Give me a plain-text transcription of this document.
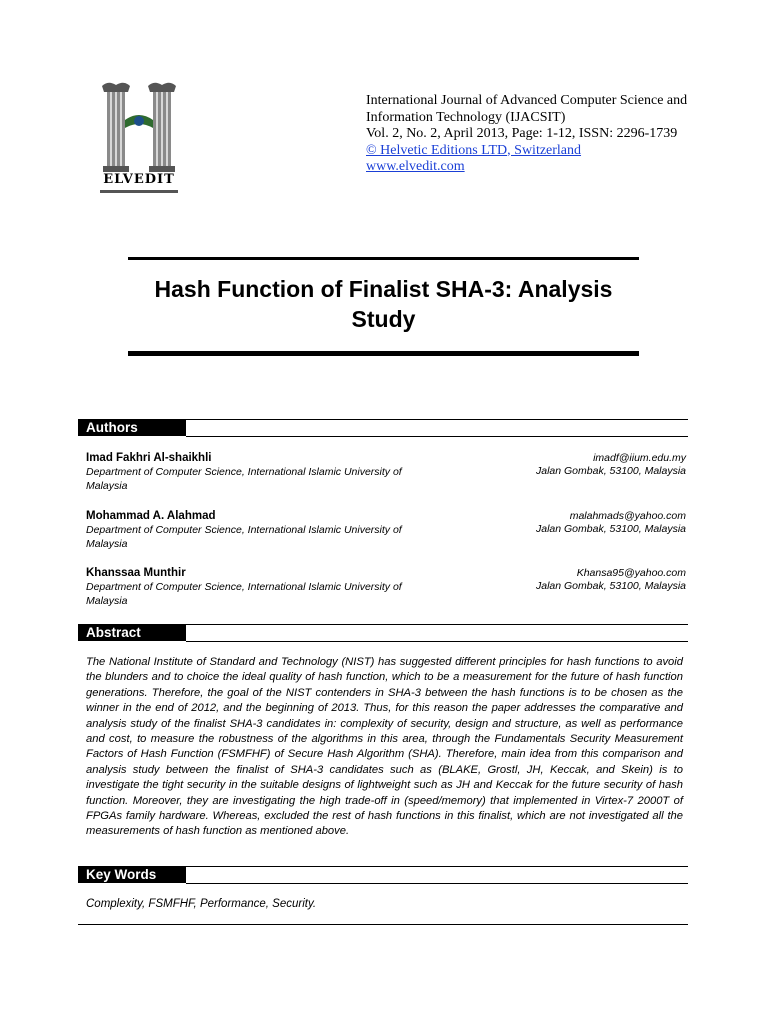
ELVEDIT
International Journal of Advanced Computer Science and
Information Technology (IJACSIT)
Vol. 2, No. 2, April 2013, Page: 1-12, ISSN: 2296-1739
© Helvetic Editions LTD, Switzerland
www.elvedit.com
Hash Function of Finalist SHA-3: Analysis
Study
Authors
Imad Fakhri Al-shaikhli
Department of Computer Science, International Islamic University of
Malaysia
imadf@iium.edu.my
Jalan Gombak, 53100, Malaysia
Mohammad A. Alahmad
Department of Computer Science, International Islamic University of
Malaysia
malahmads@yahoo.com
Jalan Gombak, 53100, Malaysia
Khanssaa Munthir
Department of Computer Science, International Islamic University of
Malaysia
Khansa95@yahoo.com
Jalan Gombak, 53100, Malaysia
Abstract
The National Institute of Standard and Technology (NIST) has suggested different principles for hash functions to avoid the blunders and to choice the ideal quality of hash function, which to be a measurement for the future of hash function generations. Therefore, the goal of the NIST contenders in SHA-3 between the hash functions is to be chosen as the winner in the end of 2012, and the beginning of 2013. Thus, for this reason the paper addresses the comparative and analysis study of the finalist SHA-3 candidates in: complexity of security, design and structure, as well as performance and cost, to measure the robustness of the algorithms in this area, through the Fundamentals Security Measurement Factors of Hash Function (FSMFHF) of Secure Hash Algorithm (SHA). Therefore, main idea from this comparison and analysis study between the finalist of SHA-3 candidates such as (BLAKE, Grostl, JH, Keccak, and Skein) is to investigate the tight security in the suitable designs of lightweight such as JH and Keccak for the future security of hash function. Moreover, they are investigating the high trade-off in (speed/memory) that implemented in Virtex-7 2000T of FPGAs family hardware. Whereas, excluded the rest of hash functions in this finalist, which are not investigated all the measurements of hash function as mentioned above.
Key Words
Complexity, FSMFHF, Performance, Security.
